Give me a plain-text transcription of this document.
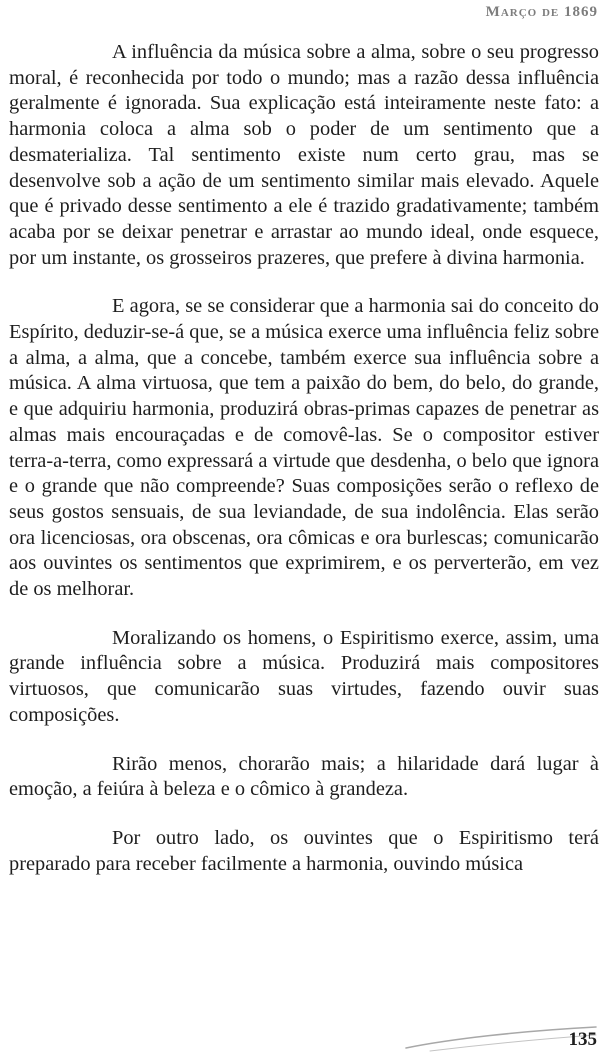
Março de 1869

A influência da música sobre a alma, sobre o seu progresso moral, é reconhecida por todo o mundo; mas a razão dessa influência geralmente é ignorada. Sua explicação está inteiramente neste fato: a harmonia coloca a alma sob o poder de um sentimento que a desmaterializa. Tal sentimento existe num certo grau, mas se desenvolve sob a ação de um sentimento similar mais elevado. Aquele que é privado desse sentimento a ele é trazido gradativamente; também acaba por se deixar penetrar e arrastar ao mundo ideal, onde esquece, por um instante, os grosseiros prazeres, que prefere à divina harmonia.

E agora, se se considerar que a harmonia sai do conceito do Espírito, deduzir-se-á que, se a música exerce uma influência feliz sobre a alma, a alma, que a concebe, também exerce sua influência sobre a música. A alma virtuosa, que tem a paixão do bem, do belo, do grande, e que adquiriu harmonia, produzirá obras-primas capazes de penetrar as almas mais encouraçadas e de comovê-las. Se o compositor estiver terra-a-terra, como expressará a virtude que desdenha, o belo que ignora e o grande que não compreende? Suas composições serão o reflexo de seus gostos sensuais, de sua leviandade, de sua indolência. Elas serão ora licenciosas, ora obscenas, ora cômicas e ora burlescas; comunicarão aos ouvintes os sentimentos que exprimirem, e os perverterão, em vez de os melhorar.

Moralizando os homens, o Espiritismo exerce, assim, uma grande influência sobre a música. Produzirá mais compositores virtuosos, que comunicarão suas virtudes, fazendo ouvir suas composições.

Rirão menos, chorarão mais; a hilaridade dará lugar à emoção, a feiúra à beleza e o cômico à grandeza.

Por outro lado, os ouvintes que o Espiritismo terá preparado para receber facilmente a harmonia, ouvindo música

135
